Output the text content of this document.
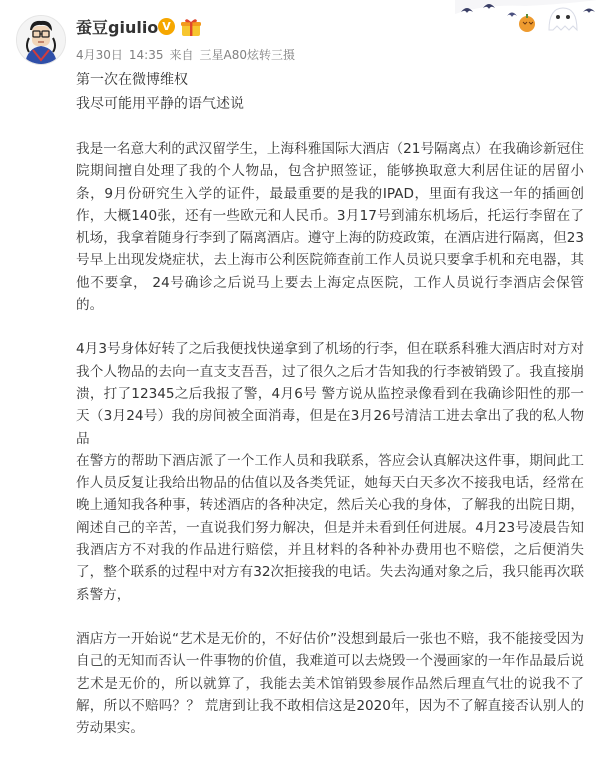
蚕豆giulio V
4月30日 14:35 来自 三星A80炫转三摄
第一次在微博维权
我尽可能用平静的语气述说

我是一名意大利的武汉留学生，上海科雅国际大酒店（21号隔离点）在我确诊新冠住院期间擅自处理了我的个人物品，包含护照签证，能够换取意大利居住证的居留小条，9月份研究生入学的证件，最最重要的是我的IPAD，里面有我这一年的插画创作，大概140张，还有一些欧元和人民币。3月17号到浦东机场后，托运行李留在了机场，我拿着随身行李到了隔离酒店。遵守上海的防疫政策，在酒店进行隔离，但23号早上出现发烧症状，去上海市公利医院筛查前工作人员说只要拿手机和充电器，其他不要拿， 24号确诊之后说马上要去上海定点医院，工作人员说行李酒店会保管的。

4月3号身体好转了之后我便找快递拿到了机场的行李，但在联系科雅大酒店时对方对我个人物品的去向一直支支吾吾，过了很久之后才告知我的行李被销毁了。我直接崩溃，打了12345之后我报了警，4月6号 警方说从监控录像看到在我确诊阳性的那一天（3月24号）我的房间被全面消毒，但是在3月26号清洁工进去拿出了我的私人物品

在警方的帮助下酒店派了一个工作人员和我联系，答应会认真解决这件事，期间此工作人员反复让我给出物品的估值以及各类凭证，她每天白天多次不接我电话，经常在晚上通知我各种事，转述酒店的各种决定，然后关心我的身体，了解我的出院日期，阐述自己的辛苦，一直说我们努力解决，但是并未看到任何进展。4月23号凌晨告知我酒店方不对我的作品进行赔偿，并且材料的各种补办费用也不赔偿，之后便消失了，整个联系的过程中对方有32次拒接我的电话。失去沟通对象之后，我只能再次联系警方，

酒店方一开始说“艺术是无价的，不好估价”没想到最后一张也不赔，我不能接受因为自己的无知而否认一件事物的价值，我难道可以去烧毁一个漫画家的一年作品最后说艺术是无价的，所以就算了，我能去美术馆销毁参展作品然后理直气壮的说我不了解，所以不赔吗？？ 荒唐到让我不敢相信这是2020年，因为不了解直接否认别人的劳动果实。
